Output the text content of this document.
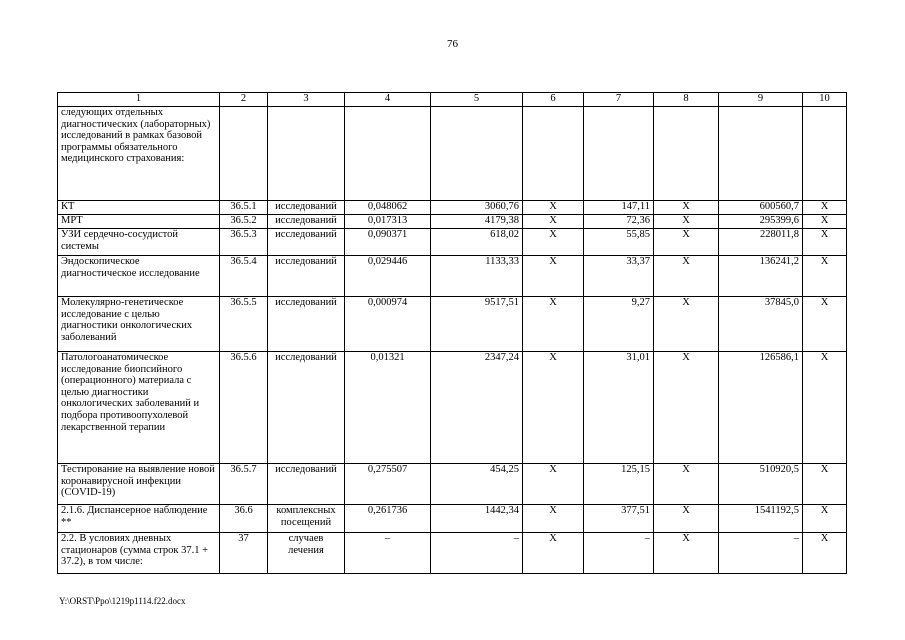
76
1	2	3	4	5	6	7	8	9	10
следующих отдельных диагностических (лабораторных) исследований в рамках базовой программы обязательного медицинского страхования:									
КТ	36.5.1	исследований	0,048062	3060,76	Х	147,11	Х	600560,7	Х
МРТ	36.5.2	исследований	0,017313	4179,38	Х	72,36	Х	295399,6	Х
УЗИ сердечно-сосудистой системы	36.5.3	исследований	0,090371	618,02	Х	55,85	Х	228011,8	Х
Эндоскопическое диагностическое исследование	36.5.4	исследований	0,029446	1133,33	Х	33,37	Х	136241,2	Х
Молекулярно-генетическое исследование с целью диагностики онкологических заболеваний	36.5.5	исследований	0,000974	9517,51	Х	9,27	Х	37845,0	Х
Патологоанатомическое исследование биопсийного (операционного) материала с целью диагностики онкологических заболеваний и подбора противоопухолевой лекарственной терапии	36.5.6	исследований	0,01321	2347,24	Х	31,01	Х	126586,1	Х
Тестирование на выявление новой коронавирусной инфекции (COVID-19)	36.5.7	исследований	0,275507	454,25	Х	125,15	Х	510920,5	Х
2.1.6. Диспансерное наблюдение **	36.6	комплексных посещений	0,261736	1442,34	Х	377,51	Х	1541192,5	Х
2.2. В условиях дневных стационаров (сумма строк 37.1 + 37.2), в том числе:	37	случаев лечения	–	–	Х	–	Х	–	Х
Y:\ORST\Ppo\1219p1114.f22.docx
